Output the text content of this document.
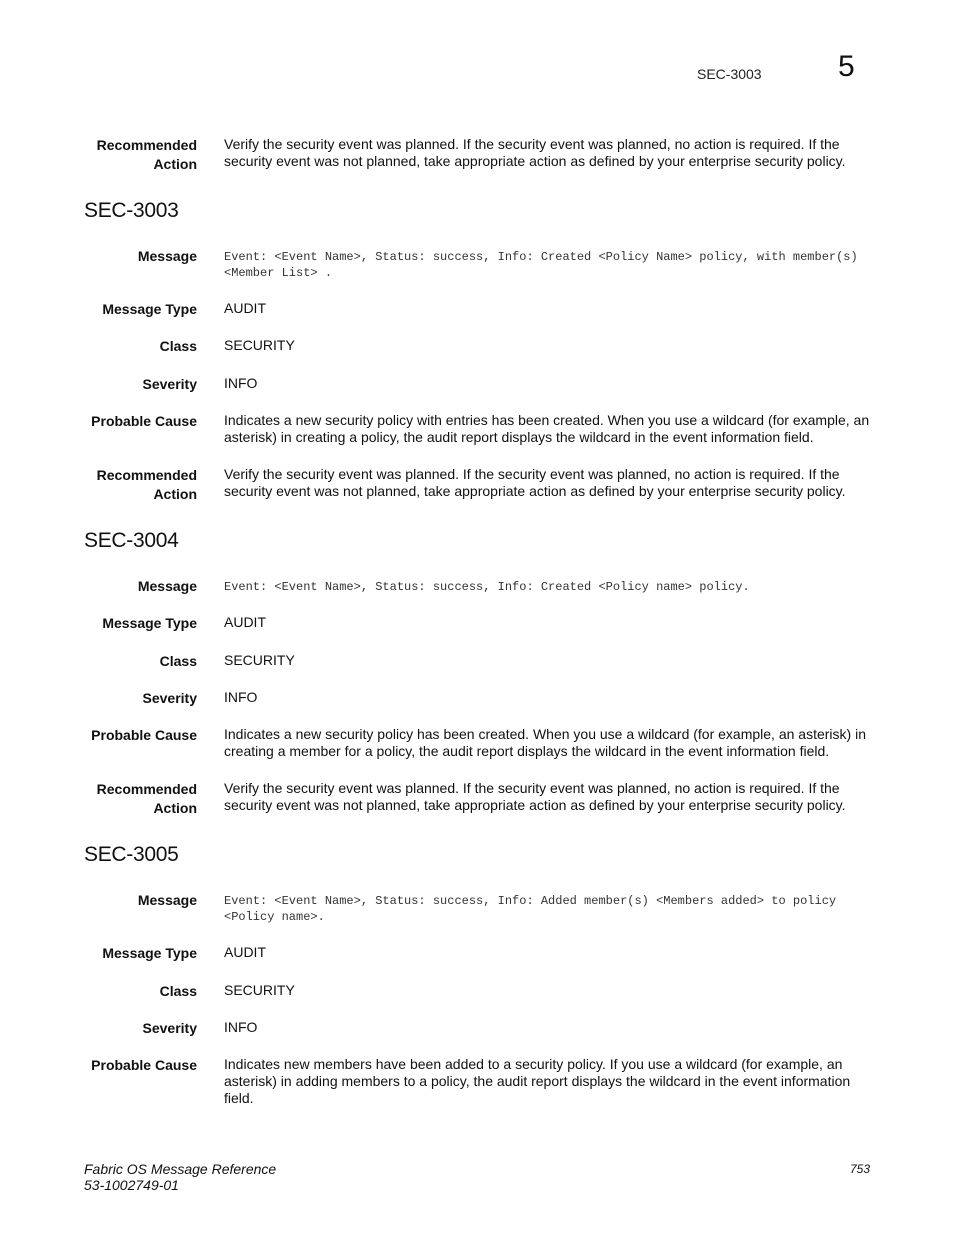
SEC-3003	5
Recommended Action
Verify the security event was planned. If the security event was planned, no action is required. If the security event was not planned, take appropriate action as defined by your enterprise security policy.
SEC-3003
Message Event: <Event Name>, Status: success, Info: Created <Policy Name> policy, with member(s) <Member List> .
Message Type AUDIT
Class SECURITY
Severity INFO
Probable Cause Indicates a new security policy with entries has been created. When you use a wildcard (for example, an asterisk) in creating a policy, the audit report displays the wildcard in the event information field.
Recommended Action
Verify the security event was planned. If the security event was planned, no action is required. If the security event was not planned, take appropriate action as defined by your enterprise security policy.
SEC-3004
Message Event: <Event Name>, Status: success, Info: Created <Policy name> policy.
Message Type AUDIT
Class SECURITY
Severity INFO
Probable Cause Indicates a new security policy has been created. When you use a wildcard (for example, an asterisk) in creating a member for a policy, the audit report displays the wildcard in the event information field.
Recommended Action
Verify the security event was planned. If the security event was planned, no action is required. If the security event was not planned, take appropriate action as defined by your enterprise security policy.
SEC-3005
Message Event: <Event Name>, Status: success, Info: Added member(s) <Members added> to policy <Policy name>.
Message Type AUDIT
Class SECURITY
Severity INFO
Probable Cause Indicates new members have been added to a security policy. If you use a wildcard (for example, an asterisk) in adding members to a policy, the audit report displays the wildcard in the event information field.
Fabric OS Message Reference
53-1002749-01
753
